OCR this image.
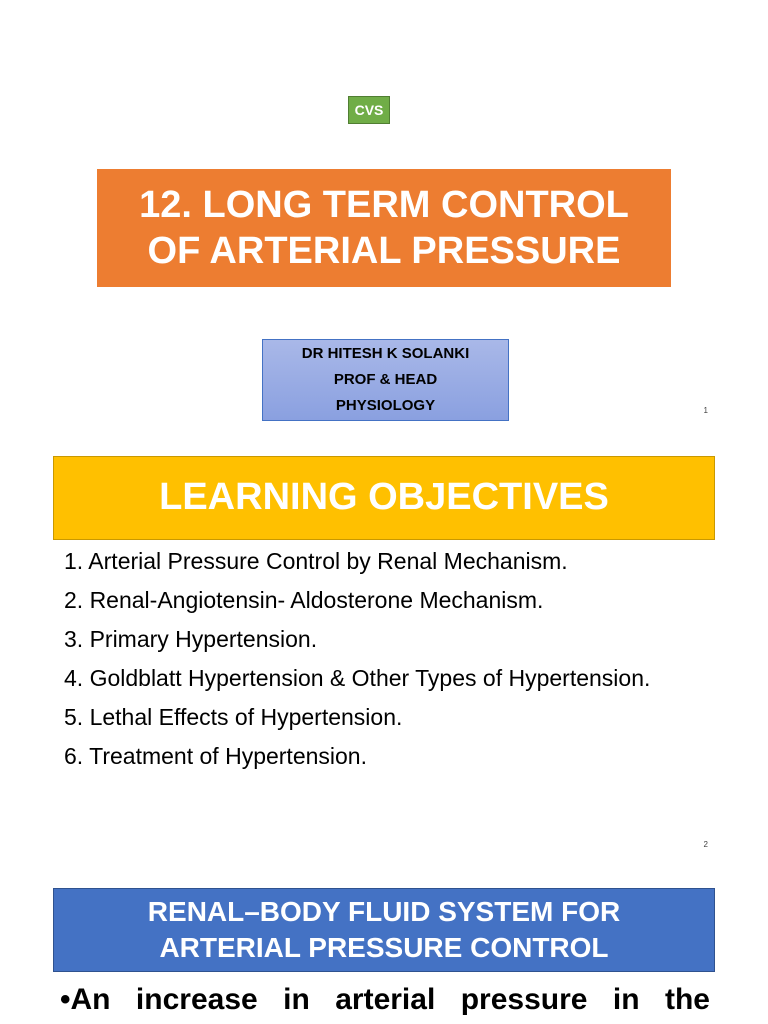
CVS
12. LONG TERM CONTROL
OF ARTERIAL PRESSURE
DR HITESH K SOLANKI
PROF & HEAD
PHYSIOLOGY	1
LEARNING OBJECTIVES
1. Arterial Pressure Control by Renal Mechanism.
2. Renal-Angiotensin- Aldosterone Mechanism.
3. Primary Hypertension.
4. Goldblatt Hypertension & Other Types of Hypertension.
5. Lethal Effects of Hypertension.
6. Treatment of Hypertension.
2
RENAL–BODY FLUID SYSTEM FOR
ARTERIAL PRESSURE CONTROL
•An increase in arterial pressure in the
